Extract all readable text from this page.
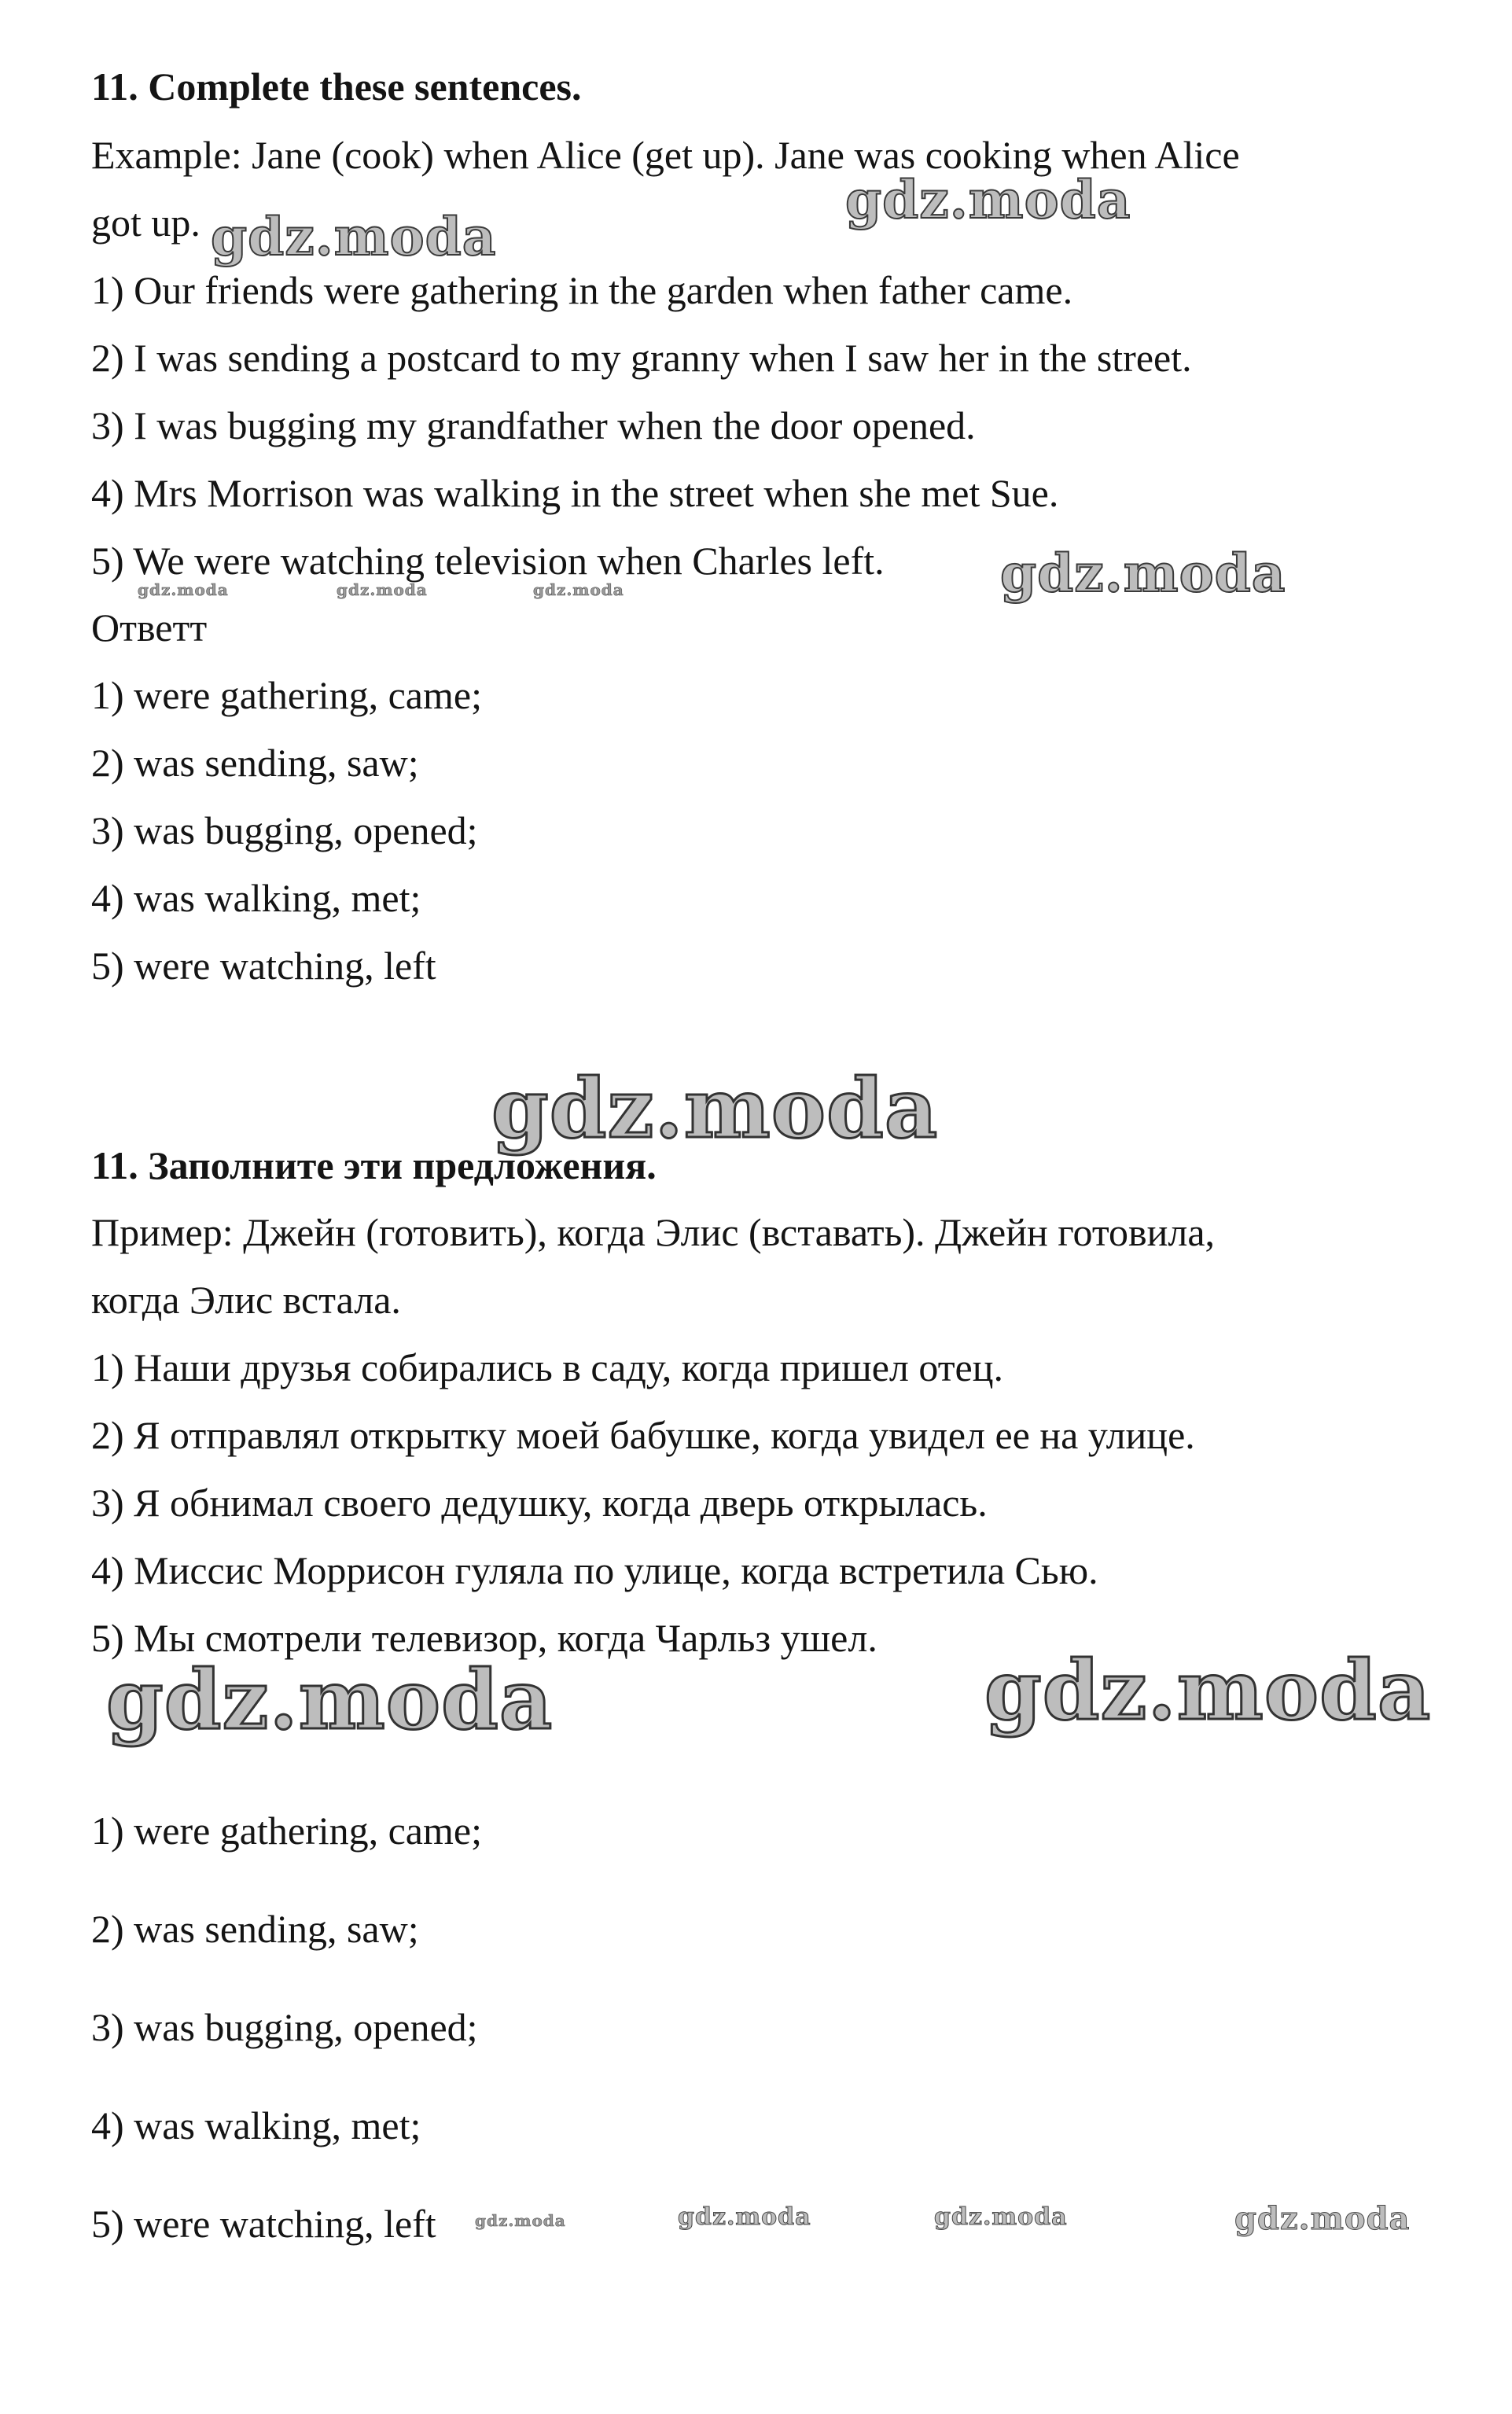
11. Complete these sentences.
Example: Jane (cook) when Alice (get up). Jane was cooking when Alice
got up.
1) Our friends were gathering in the garden when father came.
2) I was sending a postcard to my granny when I saw her in the street.
3) I was bugging my grandfather when the door opened.
4) Mrs Morrison was walking in the street when she met Sue.
5) We were watching television when Charles left.
Ответт
1) were gathering, came;
2) was sending, saw;
3) was bugging, opened;
4) was walking, met;
5) were watching, left
11. Заполните эти предложения.
Пример: Джейн (готовить), когда Элис (вставать). Джейн готовила,
когда Элис встала.
1) Наши друзья собирались в саду, когда пришел отец.
2) Я отправлял открытку моей бабушке, когда увидел ее на улице.
3) Я обнимал своего дедушку, когда дверь открылась.
4) Миссис Моррисон гуляла по улице, когда встретила Сью.
5) Мы смотрели телевизор, когда Чарльз ушел.
1) were gathering, came;
2) was sending, saw;
3) was bugging, opened;
4) was walking, met;
5) were watching, left
gdz.moda
gdz.moda
gdz.moda
gdz.moda	gdz.moda	gdz.moda
gdz.moda
gdz.moda	gdz.moda
gdz.moda	gdz.moda	gdz.moda	gdz.moda
